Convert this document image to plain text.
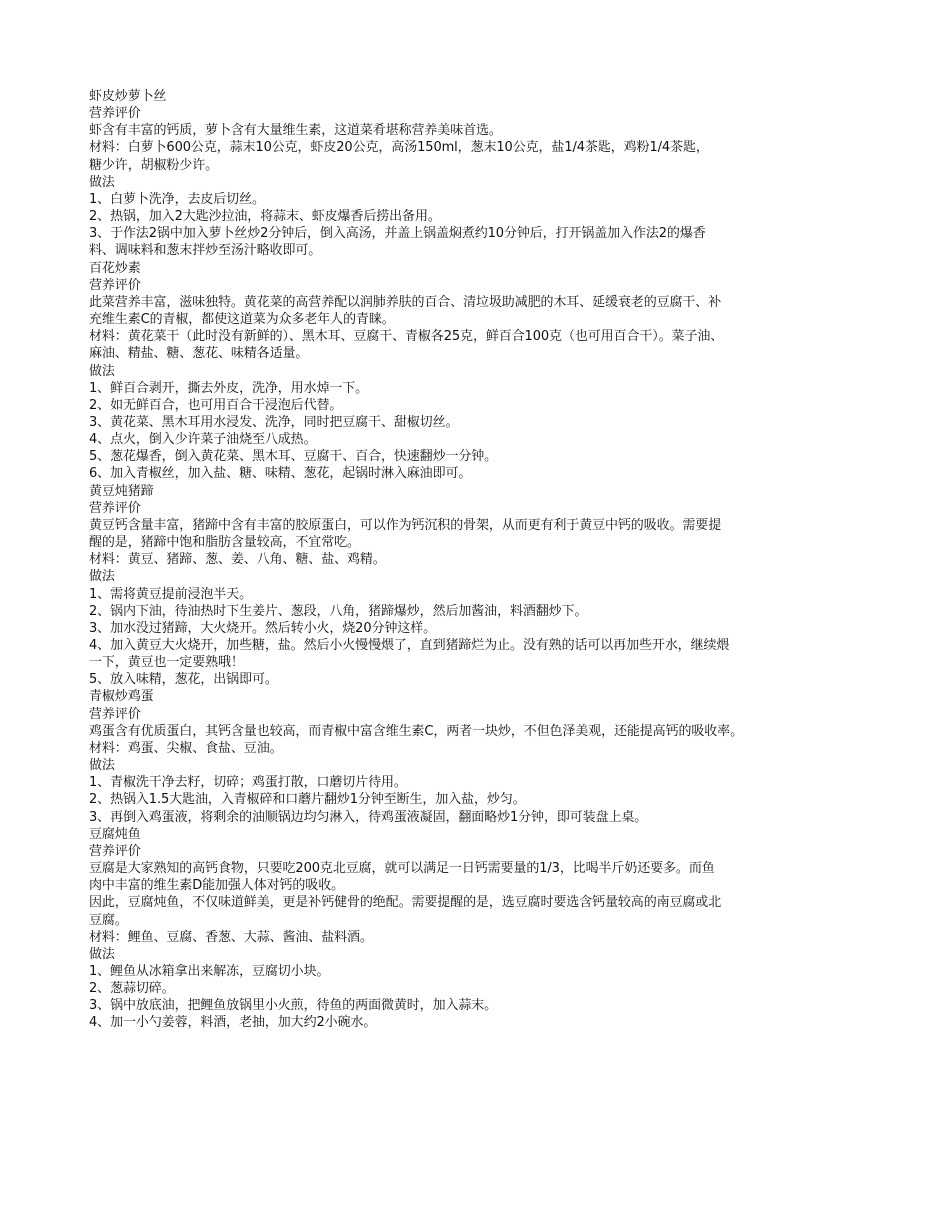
虾皮炒萝卜丝
营养评价
虾含有丰富的钙质，萝卜含有大量维生素，这道菜肴堪称营养美味首选。
材料：白萝卜600公克，蒜末10公克，虾皮20公克，高汤150ml，葱末10公克，盐1/4茶匙，鸡粉1/4茶匙，
糖少许，胡椒粉少许。
做法
1、白萝卜洗净，去皮后切丝。
2、热锅，加入2大匙沙拉油，将蒜末、虾皮爆香后捞出备用。
3、于作法2锅中加入萝卜丝炒2分钟后，倒入高汤，并盖上锅盖焖煮约10分钟后，打开锅盖加入作法2的爆香
料、调味料和葱末拌炒至汤汁略收即可。
百花炒素
营养评价
此菜营养丰富，滋味独特。黄花菜的高营养配以润肺养肤的百合、清垃圾助减肥的木耳、延缓衰老的豆腐干、补
充维生素C的青椒，都使这道菜为众多老年人的青睐。
材料：黄花菜干（此时没有新鲜的）、黑木耳、豆腐干、青椒各25克，鲜百合100克（也可用百合干）。菜子油、
麻油、精盐、糖、葱花、味精各适量。
做法
1、鲜百合剥开，撕去外皮，洗净，用水焯一下。
2、如无鲜百合，也可用百合干浸泡后代替。
3、黄花菜、黑木耳用水浸发、洗净，同时把豆腐干、甜椒切丝。
4、点火，倒入少许菜子油烧至八成热。
5、葱花爆香，倒入黄花菜、黑木耳、豆腐干、百合，快速翻炒一分钟。
6、加入青椒丝，加入盐、糖、味精、葱花，起锅时淋入麻油即可。
黄豆炖猪蹄
营养评价
黄豆钙含量丰富，猪蹄中含有丰富的胶原蛋白，可以作为钙沉积的骨架，从而更有利于黄豆中钙的吸收。需要提
醒的是，猪蹄中饱和脂肪含量较高，不宜常吃。
材料：黄豆、猪蹄、葱、姜、八角、糖、盐、鸡精。
做法
1、需将黄豆提前浸泡半天。
2、锅内下油，待油热时下生姜片、葱段，八角，猪蹄爆炒，然后加酱油，料酒翻炒下。
3、加水没过猪蹄，大火烧开。然后转小火，烧20分钟这样。
4、加入黄豆大火烧开，加些糖，盐。然后小火慢慢煨了，直到猪蹄烂为止。没有熟的话可以再加些开水，继续煨
一下，黄豆也一定要熟哦！
5、放入味精，葱花，出锅即可。
青椒炒鸡蛋
营养评价
鸡蛋含有优质蛋白，其钙含量也较高，而青椒中富含维生素C，两者一块炒，不但色泽美观，还能提高钙的吸收率。
材料：鸡蛋、尖椒、食盐、豆油。
做法
1、青椒洗干净去籽，切碎；鸡蛋打散，口蘑切片待用。
2、热锅入1.5大匙油，入青椒碎和口蘑片翻炒1分钟至断生，加入盐，炒匀。
3、再倒入鸡蛋液，将剩余的油顺锅边均匀淋入，待鸡蛋液凝固，翻面略炒1分钟，即可装盘上桌。
豆腐炖鱼
营养评价
豆腐是大家熟知的高钙食物，只要吃200克北豆腐，就可以满足一日钙需要量的1/3，比喝半斤奶还要多。而鱼
肉中丰富的维生素D能加强人体对钙的吸收。
因此，豆腐炖鱼，不仅味道鲜美，更是补钙健骨的绝配。需要提醒的是，选豆腐时要选含钙量较高的南豆腐或北
豆腐。
材料：鲤鱼、豆腐、香葱、大蒜、酱油、盐料酒。
做法
1、鲤鱼从冰箱拿出来解冻，豆腐切小块。
2、葱蒜切碎。
3、锅中放底油，把鲤鱼放锅里小火煎，待鱼的两面微黄时，加入蒜末。
4、加一小勺姜蓉，料酒，老抽，加大约2小碗水。
